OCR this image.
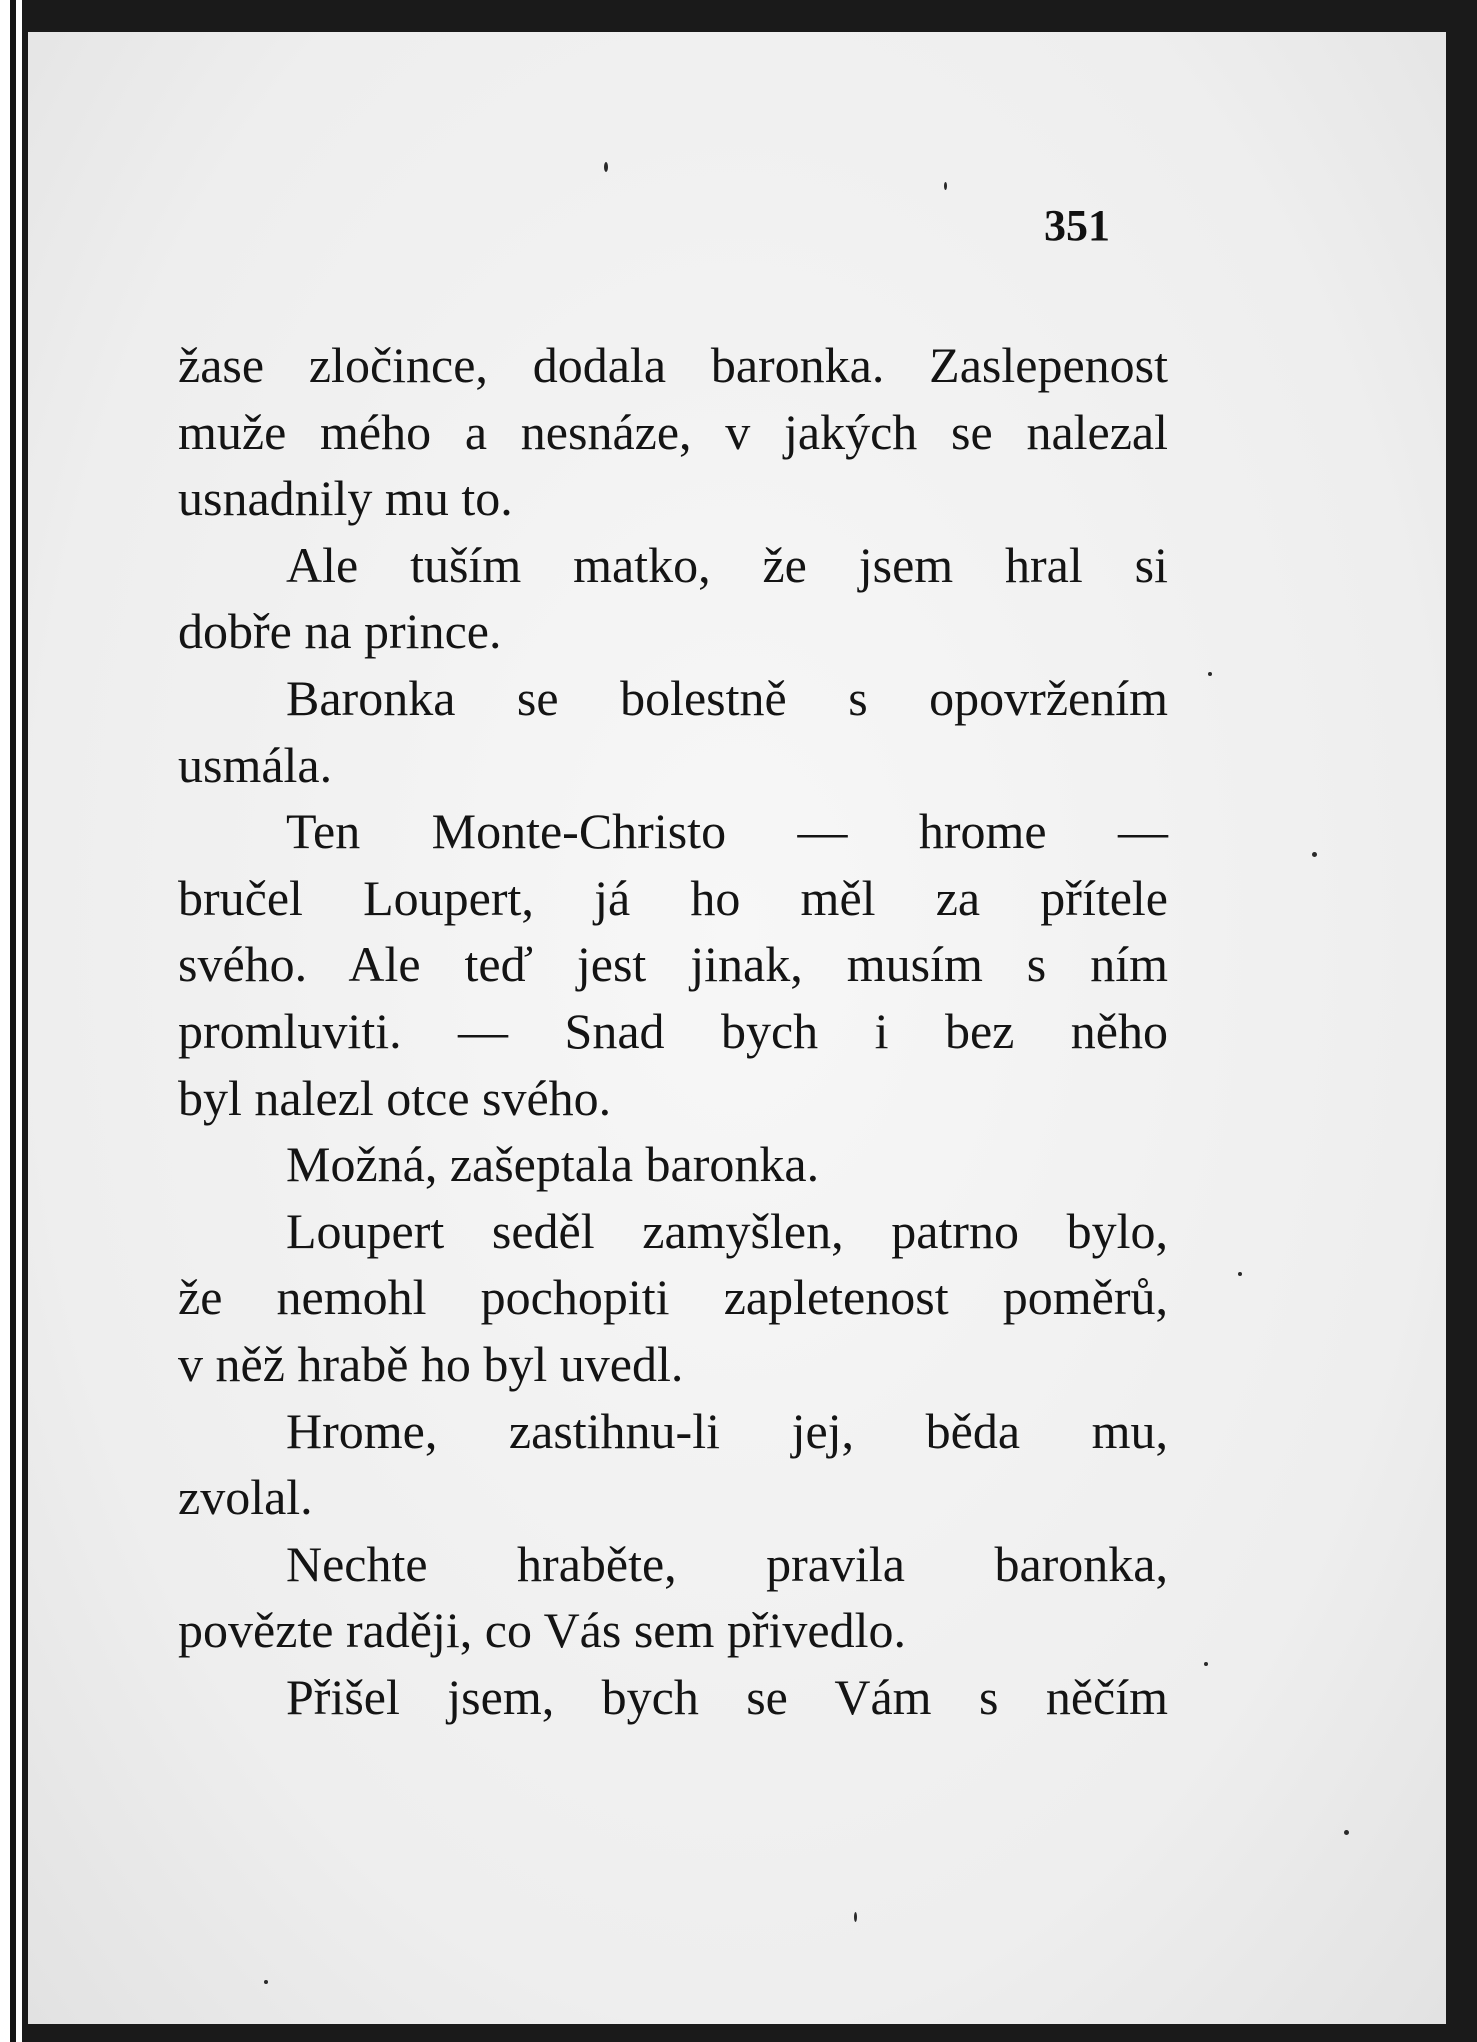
351

žase zločince, dodala baronka. Zaslepenost
muže mého a nesnáze, v jakých se nalezal
usnadnily mu to.
Ale tuším matko, že jsem hral si
dobře na prince.
Baronka se bolestně s opovržením
usmála.
Ten Monte-Christo — hrome —
bručel Loupert, já ho měl za přítele
svého. Ale teď jest jinak, musím s ním
promluviti. — Snad bych i bez něho
byl nalezl otce svého.
Možná, zašeptala baronka.
Loupert seděl zamyšlen, patrno bylo,
že nemohl pochopiti zapletenost poměrů,
v něž hrabě ho byl uvedl.
Hrome, zastihnu-li jej, běda mu,
zvolal.
Nechte hraběte, pravila baronka,
povězte raději, co Vás sem přivedlo.
Přišel jsem, bych se Vám s něčím
